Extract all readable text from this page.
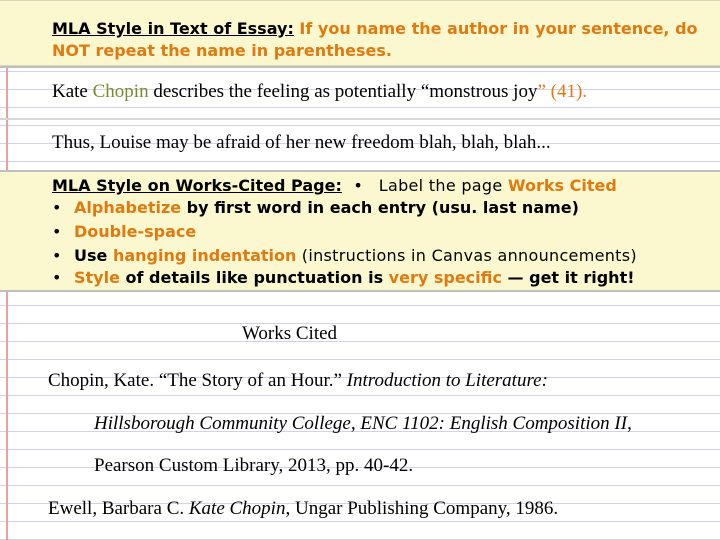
MLA Style in Text of Essay: If you name the author in your sentence, do
NOT repeat the name in parentheses.
Kate Chopin describes the feeling as potentially “monstrous joy” (41).
Thus, Louise may be afraid of her new freedom blah, blah, blah...
MLA Style on Works-Cited Page: • Label the page Works Cited
• Alphabetize by first word in each entry (usu. last name)
• Double-space
• Use hanging indentation (instructions in Canvas announcements)
• Style of details like punctuation is very specific — get it right!
Works Cited
Chopin, Kate. “The Story of an Hour.” Introduction to Literature:
Hillsborough Community College, ENC 1102: English Composition II,
Pearson Custom Library, 2013, pp. 40-42.
Ewell, Barbara C. Kate Chopin, Ungar Publishing Company, 1986.
